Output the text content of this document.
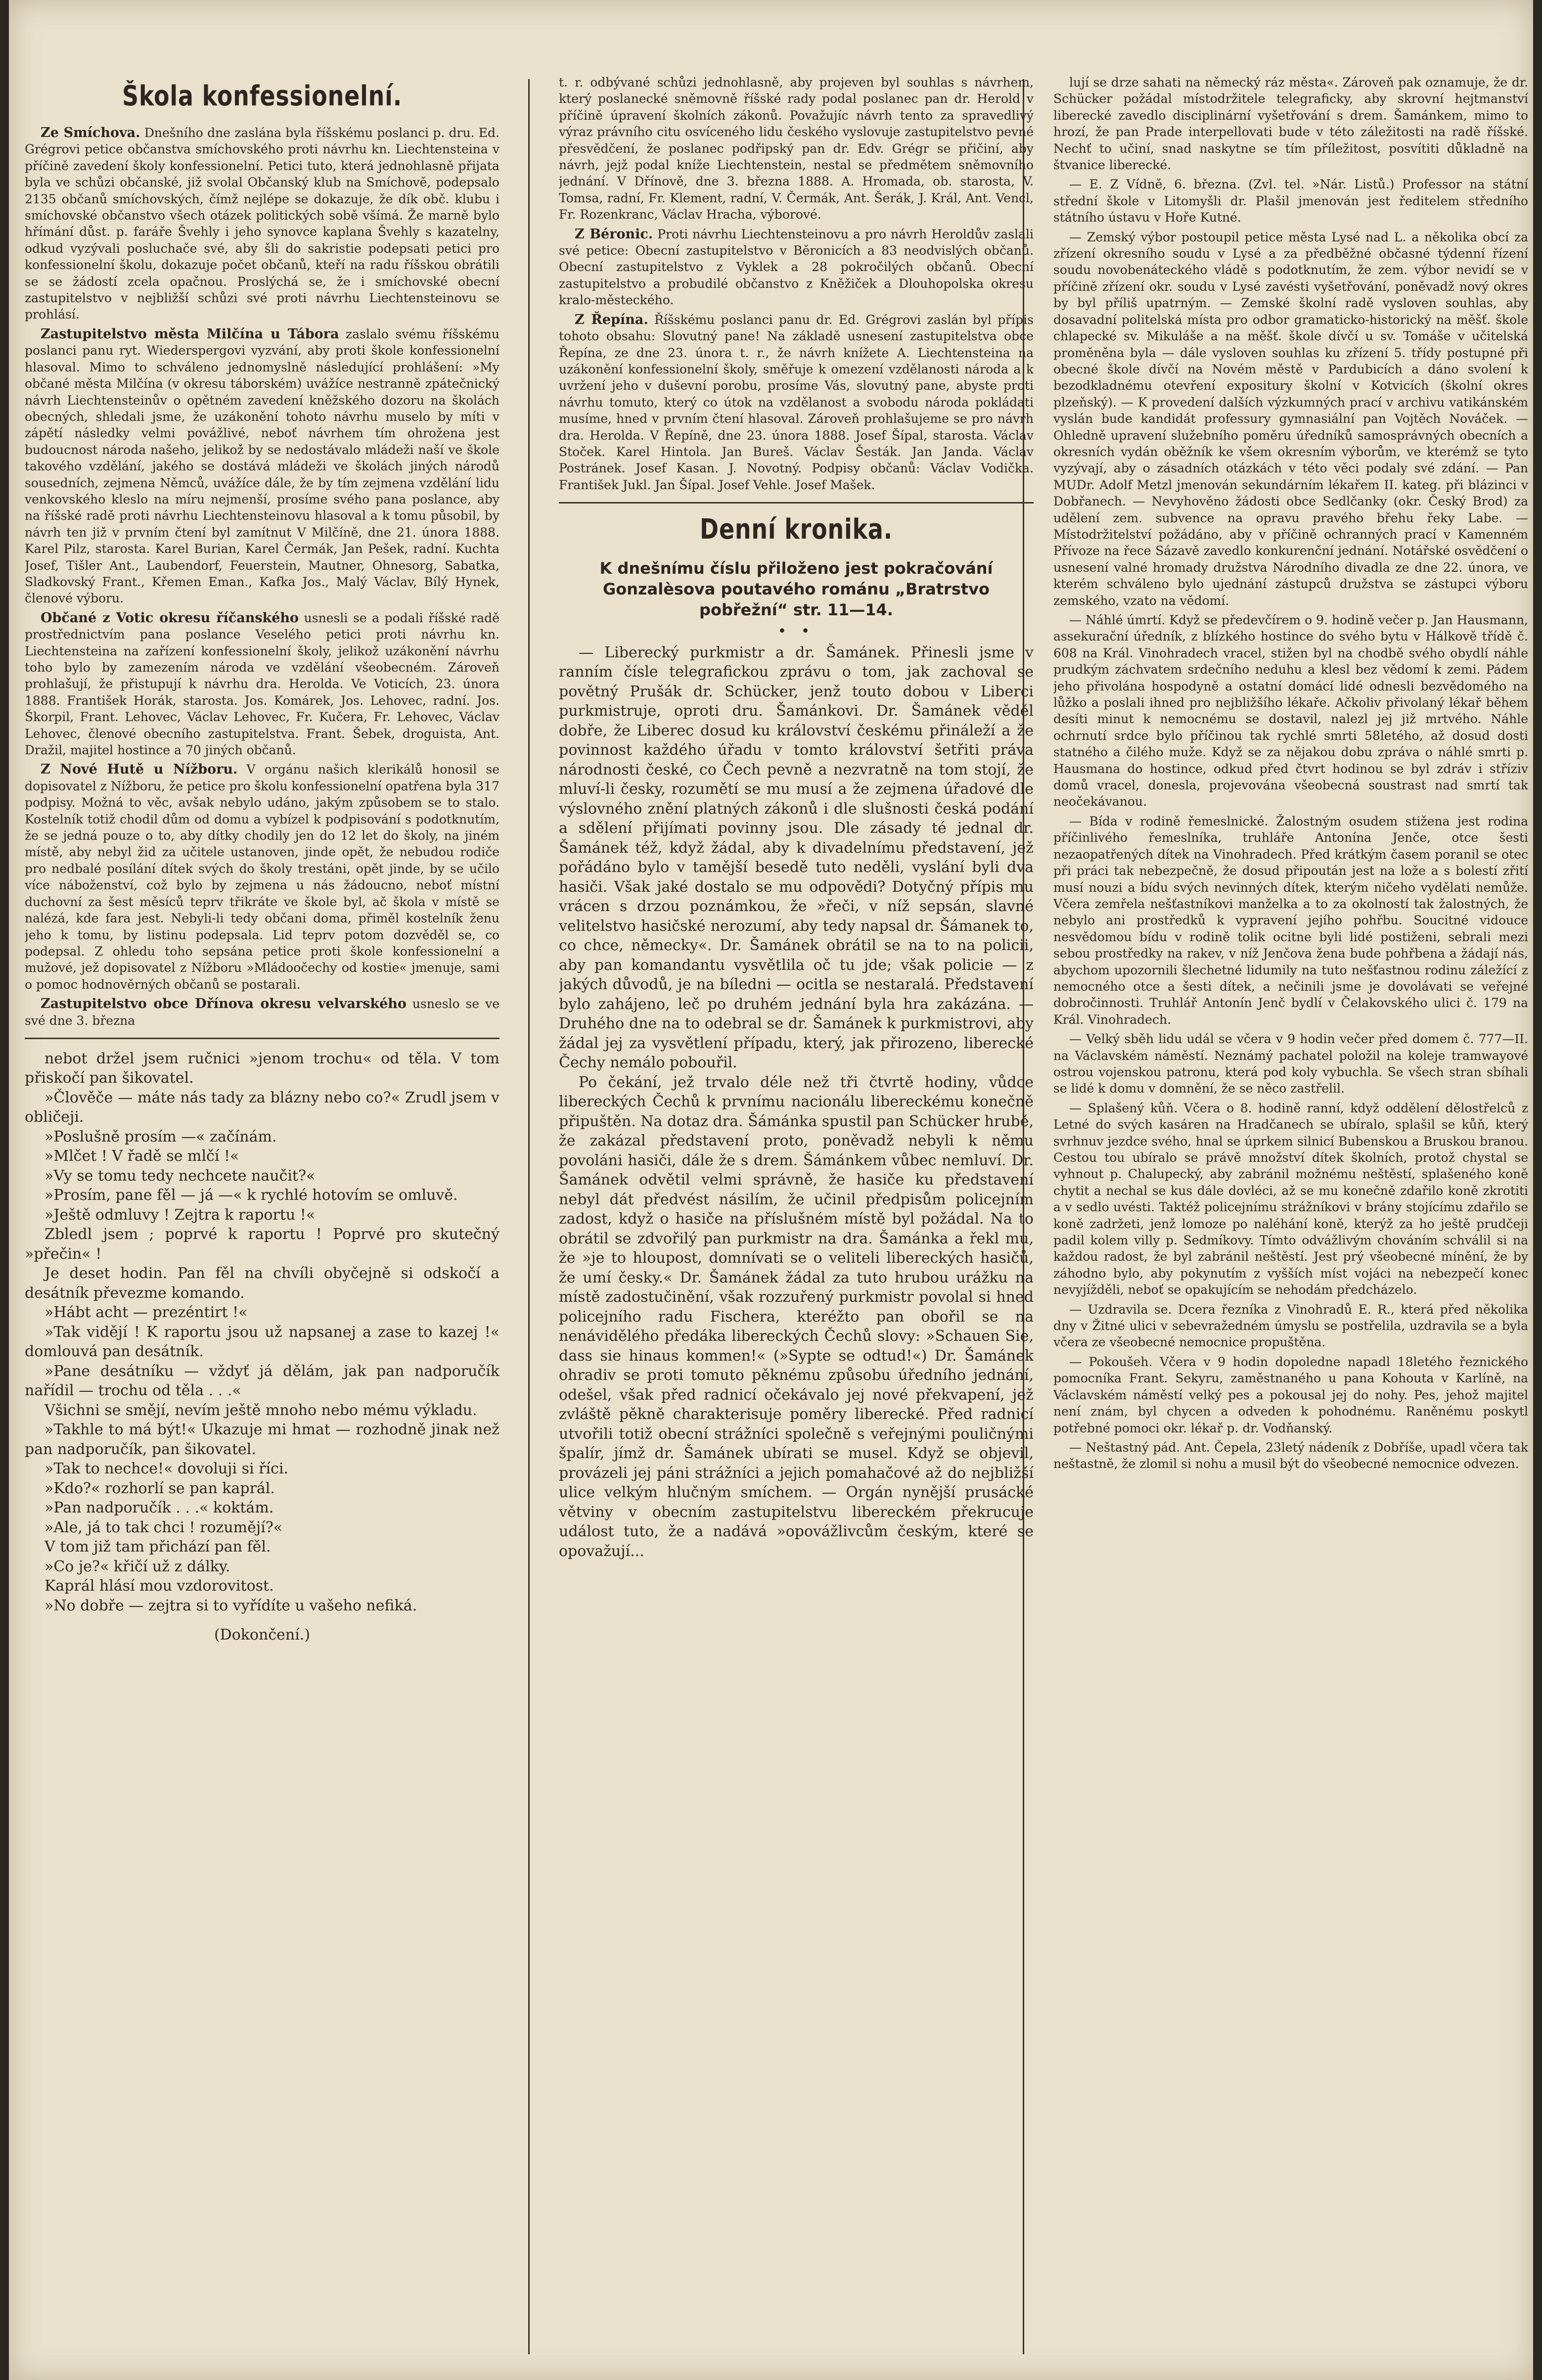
Škola konfessionelní.

Ze Smíchova. Dnešního dne zaslána byla říšskému poslanci p. dru. Ed. Grégrovi petice občanstva smíchovského proti návrhu kn. Liechtensteina v příčině zavedení školy konfessionelní. Petici tuto, která jednohlasně přijata byla ve schůzi občanské, již svolal Občanský klub na Smíchově, podepsalo 2135 občanů smíchovských, čímž nejlépe se dokazuje, že dík obč. klubu i smíchovské občanstvo všech otázek politických sobě všímá. Že marně bylo hřímání důst. p. faráře Švehly i jeho synovce kaplana Švehly s kazatelny, odkud vyzývali posluchače své, aby šli do sakristie podepsati petici pro konfessionelní školu, dokazuje počet občanů, kteří na radu říšskou obrátili se se žádostí zcela opačnou. Proslýchá se, že i smíchovské obecní zastupitelstvo v nejbližší schůzi své proti návrhu Liechtensteinovu se prohlásí.

Zastupitelstvo města Milčína u Tábora zaslalo svému říšskému poslanci panu ryt. Wiederspergovi vyzvání, aby proti škole konfessionelní hlasoval. Mimo to schváleno jednomyslně následující prohlášení: »My občané města Milčína (v okresu táborském) uvážíce nestranně zpátečnický návrh Liechtensteinův o opětném zavedení kněžského dozoru na školách obecných, shledali jsme, že uzákonění tohoto návrhu muselo by míti v zápětí následky velmi povážlivé, neboť návrhem tím ohrožena jest budoucnost národa našeho, jelikož by se nedostávalo mládeži naší ve škole takového vzdělání, jakého se dostává mládeži ve školách jiných národů sousedních, zejmena Němců, uvážíce dále, že by tím zejmena vzdělání lidu venkovského kleslo na míru nejmenší, prosíme svého pana poslance, aby na říšské radě proti návrhu Liechtensteinovu hlasoval a k tomu působil, by návrh ten již v prvním čtení byl zamítnut V Milčíně, dne 21. února 1888. Karel Pilz, starosta. Karel Burian, Karel Čermák, Jan Pešek, radní. Kuchta Josef, Tišler Ant., Laubendorf, Feuerstein, Mautner, Ohnesorg, Sabatka, Sladkovský Frant., Křemen Eman., Kafka Jos., Malý Václav, Bílý Hynek, členové výboru.

Občané z Votic okresu říčanského usnesli se a podali říšské radě prostřednictvím pana poslance Veselého petici proti návrhu kn. Liechtensteina na zařízení konfessionelní školy, jelikož uzákonění návrhu toho bylo by zamezením národa ve vzdělání všeobecném. Zároveň prohlašují, že přistupují k návrhu dra. Herolda. Ve Voticích, 23. února 1888. František Horák, starosta. Jos. Komárek, Jos. Lehovec, radní. Jos. Škorpil, Frant. Lehovec, Václav Lehovec, Fr. Kučera, Fr. Lehovec, Václav Lehovec, členové obecního zastupitelstva. Frant. Šebek, droguista, Ant. Dražil, majitel hostince a 70 jiných občanů.

Z Nové Hutě u Nížboru. V orgánu našich klerikálů honosil se dopisovatel z Nížboru, že petice pro školu konfessionelní opatřena byla 317 podpisy. Možná to věc, avšak nebylo udáno, jakým způsobem se to stalo. Kostelník totiž chodil dům od domu a vybízel k podpisování s podotknutím, že se jedná pouze o to, aby dítky chodily jen do 12 let do školy, na jiném místě, aby nebyl žid za učitele ustanoven, jinde opět, že nebudou rodiče pro nedbalé posílání dítek svých do školy trestáni, opět jinde, by se učilo více náboženství, což bylo by zejmena u nás žádoucno, neboť místní duchovní za šest měsíců teprv třikráte ve škole byl, ač škola v místě se nalézá, kde fara jest. Nebyli-li tedy občani doma, přiměl kostelník ženu jeho k tomu, by listinu podepsala. Lid teprv potom dozvěděl se, co podepsal. Z ohledu toho sepsána petice proti škole konfessionelní a mužové, jež dopisovatel z Nížboru »Mládoočechy od kostie« jmenuje, sami o pomoc hodnověrných občanů se postarali.

Zastupitelstvo obce Dřínova okresu velvarského usneslo se ve své dne 3. března

nebot držel jsem ručnici »jenom trochu« od těla. V tom přiskočí pan šikovatel.

»Člověče — máte nás tady za blázny nebo co?« Zrudl jsem v obličeji.

»Poslušně prosím —« začínám.

»Mlčet ! V řadě se mlčí !«

»Vy se tomu tedy nechcete naučit?«

»Prosím, pane fěl — já —« k rychlé hotovím se omluvě.

»Ještě odmluvy ! Zejtra k raportu !«

Zbledl jsem ; poprvé k raportu ! Poprvé pro skutečný »přečin« !

Je deset hodin. Pan fěl na chvíli obyčejně si odskočí a desátník převezme komando.

»Hábt acht — prezéntirt !«

»Tak vidějí ! K raportu jsou už napsanej a zase to kazej !« domlouvá pan desátník.

»Pane desátníku — vždyť já dělám, jak pan nadporučík nařídil — trochu od těla . . .«

Všichni se smějí, nevím ještě mnoho nebo mému výkladu.

»Takhle to má být!« Ukazuje mi hmat — rozhodně jinak než pan nadporučík, pan šikovatel.

»Tak to nechce!« dovoluji si říci.

»Kdo?« rozhorlí se pan kaprál.

»Pan nadporučík . . .« koktám.

»Ale, já to tak chci ! rozumějí?«

V tom již tam přichází pan fěl.

»Co je?« křičí už z dálky.

Kaprál hlásí mou vzdorovitost.

»No dobře — zejtra si to vyřídíte u vašeho nefiká.

(Dokončení.)

t. r. odbývané schůzi jednohlasně, aby projeven byl souhlas s návrhem, který poslanecké sněmovně říšské rady podal poslanec pan dr. Herold v příčině úpravení školních zákonů. Považujíc návrh tento za spravedlivý výraz právního citu osvíceného lidu českého vyslovuje zastupitelstvo pevné přesvědčení, že poslanec podřipský pan dr. Edv. Grégr se přičiní, aby návrh, jejž podal kníže Liechtenstein, nestal se předmětem sněmovního jednání. V Dřínově, dne 3. března 1888. A. Hromada, ob. starosta, V. Tomsa, radní, Fr. Klement, radní, V. Čermák, Ant. Šerák, J. Král, Ant. Vencl, Fr. Rozenkranc, Václav Hracha, výborové.

Z Béronic. Proti návrhu Liechtensteinovu a pro návrh Heroldův zaslali své petice: Obecní zastupitelstvo v Běronicích a 83 neodvislých občanů. Obecní zastupitelstvo z Vyklek a 28 pokročilých občanů. Obecní zastupitelstvo a probudilé občanstvo z Kněžiček a Dlouhopolska okresu kralo-městeckého.

Z Řepína. Říšskému poslanci panu dr. Ed. Grégrovi zaslán byl přípis tohoto obsahu: Slovutný pane! Na základě usnesení zastupitelstva obce Řepína, ze dne 23. února t. r., že návrh knížete A. Liechtensteina na uzákonění konfessionelní školy, směřuje k omezení vzdělanosti národa a k uvržení jeho v duševní porobu, prosíme Vás, slovutný pane, abyste proti návrhu tomuto, který co útok na vzdělanost a svobodu národa pokládati musíme, hned v prvním čtení hlasoval. Zároveň prohlašujeme se pro návrh dra. Herolda. V Řepíně, dne 23. února 1888. Josef Šípal, starosta. Václav Stoček. Karel Hintola. Jan Bureš. Václav Šesták. Jan Janda. Václav Postránek. Josef Kasan. J. Novotný. Podpisy občanů: Václav Vodička. František Jukl. Jan Šípal. Josef Vehle. Josef Mašek.

Denní kronika.
K dnešnímu číslu přiloženo jest pokračování Gonzalèsova poutavého románu „Bratrstvo pobřežní“ str. 11—14.
• •

— Liberecký purkmistr a dr. Šamánek. Přinesli jsme v ranním čísle telegrafickou zprávu o tom, jak zachoval se povětný Prušák dr. Schücker, jenž touto dobou v Liberci purkmistruje, oproti dru. Šamánkovi. Dr. Šamánek věděl dobře, že Liberec dosud ku království českému přináleží a že povinnost každého úřadu v tomto království šetřiti práva národnosti české, co Čech pevně a nezvratně na tom stojí, že mluví-li česky, rozumětí se mu musí a že zejmena úřadové dle výslovného znění platných zákonů i dle slušnosti česká podání a sdělení přijímati povinny jsou. Dle zásady té jednal dr. Šamánek též, když žádal, aby k divadelnímu představení, jež pořádáno bylo v tamější besedě tuto neděli, vyslání byli dva hasiči. Však jaké dostalo se mu odpovědi? Dotyčný přípis mu vrácen s drzou poznámkou, že »řeči, v níž sepsán, slavné velitelstvo hasičské nerozumí, aby tedy napsal dr. Šámanek to, co chce, německy«. Dr. Šamánek obrátil se na to na policii, aby pan komandantu vysvětlila oč tu jde; však policie — z jakých důvodů, je na bíledni — ocitla se nestaralá. Představení bylo zahájeno, leč po druhém jednání byla hra zakázána. — Druhého dne na to odebral se dr. Šamánek k purkmistrovi, aby žádal jej za vysvětlení případu, který, jak přirozeno, liberecké Čechy nemálo pobouřil.

Po čekání, jež trvalo déle než tři čtvrtě hodiny, vůdce libereckých Čechů k prvnímu nacionálu libereckému konečně připuštěn. Na dotaz dra. Šámánka spustil pan Schücker hrubě, že zakázal představení proto, poněvadž nebyli k němu povoláni hasiči, dále že s drem. Šámánkem vůbec nemluví. Dr. Šamánek odvětil velmi správně, že hasiče ku představení nebyl dát předvést násilím, že učinil předpisům policejním zadost, když o hasiče na příslušném místě byl požádal. Na to obrátil se zdvořilý pan purkmistr na dra. Šamánka a řekl mu, že »je to hloupost, domnívati se o veliteli libereckých hasičů, že umí česky.« Dr. Šamánek žádal za tuto hrubou urážku na místě zadostučinění, však rozzuřený purkmistr povolal si hned policejního radu Fischera, kteréžto pan obořil se na nenávidělého předáka libereckých Čechů slovy: »Schauen Sie, dass sie hinaus kommen!« (»Sypte se odtud!«) Dr. Šamánek ohradiv se proti tomuto pěknému způsobu úředního jednání, odešel, však před radnicí očekávalo jej nové překvapení, jež zvláště pěkně charakterisuje poměry liberecké. Před radnicí utvořili totiž obecní strážníci společně s veřejnými pouličnými špalír, jímž dr. Šamánek ubírati se musel. Když se objevil, provázeli jej páni strážníci a jejich pomahačové až do nejbližší ulice velkým hlučným smíchem. — Orgán nynější prusácké větviny v obecním zastupitelstvu libereckém překrucuje událost tuto, že a nadává »opovážlivcům českým, které se opovažují...

lují se drze sahati na německý ráz města«. Zároveň pak oznamuje, že dr. Schücker požádal místodržitele telegraficky, aby skrovní hejtmanství liberecké zavedlo disciplinární vyšetřování s drem. Šamánkem, mimo to hrozí, že pan Prade interpellovati bude v této záležitosti na radě říšské. Nechť to učiní, snad naskytne se tím příležitost, posvítiti důkladně na štvanice liberecké.

— E. Z Vídně, 6. března. (Zvl. tel. »Nár. Listů.) Professor na státní střední škole v Litomyšli dr. Plašil jmenován jest ředitelem středního státního ústavu v Hoře Kutné.

— Zemský výbor postoupil petice města Lysé nad L. a několika obcí za zřízení okresního soudu v Lysé a za předběžné občasné týdenní řízení soudu novobenáteckého vládě s podotknutím, že zem. výbor nevidí se v příčině zřízení okr. soudu v Lysé zavésti vyšetřování, poněvadž nový okres by byl příliš upatrným. — Zemské školní radě vysloven souhlas, aby dosavadní politelská místa pro odbor gramaticko-historický na měšť. škole chlapecké sv. Mikuláše a na měšť. škole dívčí u sv. Tomáše v učitelská proměněna byla — dále vysloven souhlas ku zřízení 5. třídy postupné při obecné škole dívčí na Novém městě v Pardubicích a dáno svolení k bezodkladnému otevření expositury školní v Kotvicích (školní okres plzeňský). — K provedení dalších výzkumných prací v archivu vatikánském vyslán bude kandidát professury gymnasiální pan Vojtěch Nováček. — Ohledně upravení služebního poměru úředníků samosprávných obecních a okresních vydán oběžník ke všem okresním výborům, ve kterémž se tyto vyzývají, aby o zásadních otázkách v této věci podaly své zdání. — Pan MUDr. Adolf Metzl jmenován sekundárním lékařem II. kateg. při blázinci v Dobřanech. — Nevyhověno žádosti obce Sedlčanky (okr. Český Brod) za udělení zem. subvence na opravu pravého břehu řeky Labe. — Místodržitelství požádáno, aby v příčině ochranných prací v Kamenném Přívoze na řece Sázavě zavedlo konkurenční jednání. Notářské osvědčení o usnesení valné hromady družstva Národního divadla ze dne 22. února, ve kterém schváleno bylo ujednání zástupců družstva se zástupci výboru zemského, vzato na vědomí.

— Náhlé úmrtí. Když se předevčírem o 9. hodině večer p. Jan Hausmann, assekurační úředník, z blízkého hostince do svého bytu v Hálkově třídě č. 608 na Král. Vinohradech vracel, stižen byl na chodbě svého obydlí náhle prudkým záchvatem srdečního neduhu a klesl bez vědomí k zemi. Pádem jeho přivolána hospodyně a ostatní domácí lidé odnesli bezvědomého na lůžko a poslali ihned pro nejbližšího lékaře. Ačkoliv přivolaný lékař během desíti minut k nemocnému se dostavil, nalezl jej již mrtvého. Náhle ochrnutí srdce bylo příčinou tak rychlé smrti 58letého, až dosud dosti statného a čilého muže. Když se za nějakou dobu zpráva o náhlé smrti p. Hausmana do hostince, odkud před čtvrt hodinou se byl zdráv i stříziv domů vracel, donesla, projevována všeobecná soustrast nad smrtí tak neočekávanou.

— Bída v rodině řemeslnické. Žalostným osudem stižena jest rodina příčinlivého řemeslníka, truhláře Antonína Jenče, otce šesti nezaopatřených dítek na Vinohradech. Před krátkým časem poranil se otec při práci tak nebezpečně, že dosud připoután jest na lože a s bolestí zřití musí nouzi a bídu svých nevinných dítek, kterým ničeho vydělati nemůže. Včera zemřela nešťastníkovi manželka a to za okolností tak žalostných, že nebylo ani prostředků k vypravení jejího pohřbu. Soucitné vidouce nesvědomou bídu v rodině tolik ocitne byli lidé postiženi, sebrali mezi sebou prostředky na rakev, v níž Jenčova žena bude pohřbena a žádají nás, abychom upozornili šlechetné lidumily na tuto nešťastnou rodinu záležící z nemocného otce a šesti dítek, a nečinili jsme je dovolávati se veřejné dobročinnosti. Truhlář Antonín Jenč bydlí v Čelakovského ulici č. 179 na Král. Vinohradech.

— Velký sběh lidu udál se včera v 9 hodin večer před domem č. 777—II. na Václavském náměstí. Neznámý pachatel položil na koleje tramwayové ostrou vojenskou patronu, která pod koly vybuchla. Se všech stran sbíhali se lidé k domu v domnění, že se něco zastřelil.

— Splašený kůň. Včera o 8. hodině ranní, když oddělení dělostřelců z Letné do svých kasáren na Hradčanech se ubíralo, splašil se kůň, který svrhnuv jezdce svého, hnal se úprkem silnicí Bubenskou a Bruskou branou. Cestou tou ubíralo se právě množství dítek školních, protož chystal se vyhnout p. Chalupecký, aby zabránil možnému neštěstí, splašeného koně chytit a nechal se kus dále dovléci, až se mu konečně zdařilo koně zkrotiti a v sedlo uvésti. Taktéž policejnímu strážníkovi v brány stojícímu zdařilo se koně zadržeti, jenž lomoze po naléhání koně, kterýž za ho ještě prudčeji padil kolem villy p. Sedmíkovy. Tímto odvážlivým chováním schválil si na každou radost, že byl zabránil neštěstí. Jest prý všeobecné mínění, že by záhodno bylo, aby pokynutím z vyšších míst vojáci na nebezpečí konec nevyjížděli, neboť se opakujícím se nehodám předcházelo.

— Uzdravila se. Dcera řezníka z Vinohradů E. R., která před několika dny v Žitné ulici v sebevražedném úmyslu se postřelila, uzdravila se a byla včera ze všeobecné nemocnice propuštěna.

— Pokoušeh. Včera v 9 hodin dopoledne napadl 18letého řeznického pomocníka Frant. Sekyru, zaměstnaného u pana Kohouta v Karlíně, na Václavském náměstí velký pes a pokousal jej do nohy. Pes, jehož majitel není znám, byl chycen a odveden k pohodnému. Raněnému poskytl potřebné pomoci okr. lékař p. dr. Vodňanský.

— Neštastný pád. Ant. Čepela, 23letý nádeník z Dobříše, upadl včera tak neštastně, že zlomil si nohu a musil být do všeobecné nemocnice odvezen.
